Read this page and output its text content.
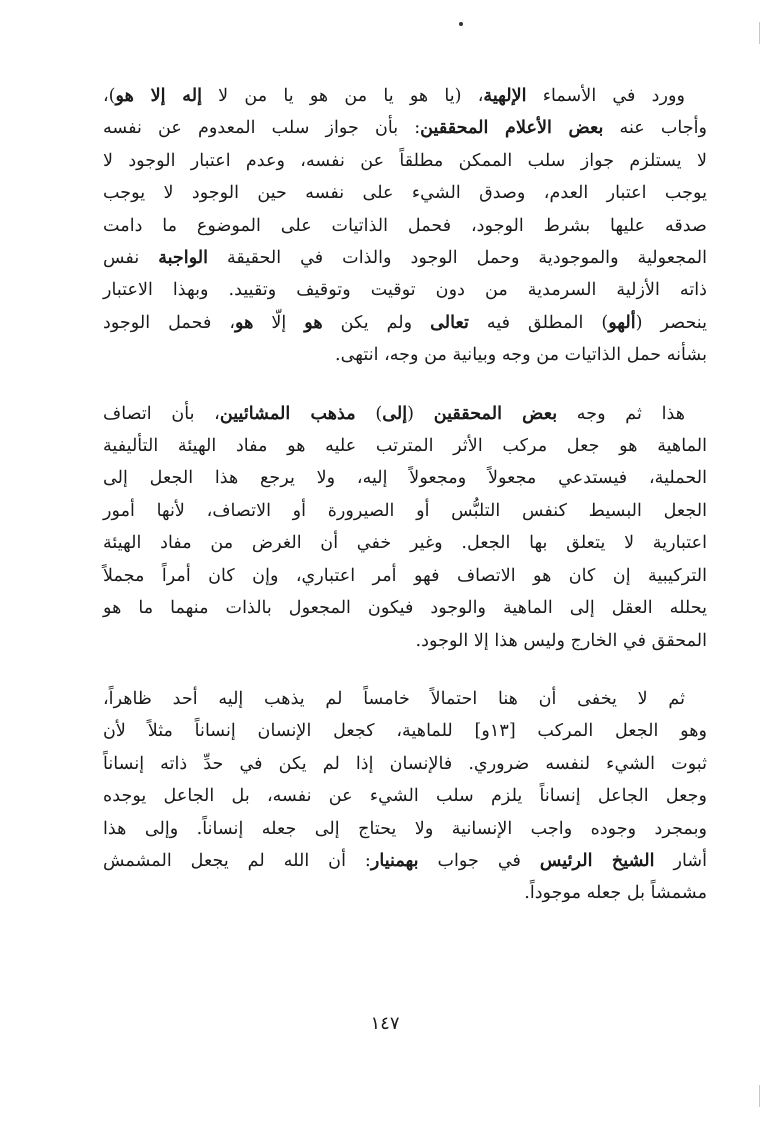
وورد في الأسماء الإلهية، (يا هو يا من هو يا من لا إله إلا هو)،
وأجاب عنه بعض الأعلام المحققين: بأن جواز سلب المعدوم عن نفسه
لا يستلزم جواز سلب الممكن مطلقاً عن نفسه، وعدم اعتبار الوجود لا
يوجب اعتبار العدم، وصدق الشيء على نفسه حين الوجود لا يوجب
صدقه عليها بشرط الوجود، فحمل الذاتيات على الموضوع ما دامت
المجعولية والموجودية وحمل الوجود والذات في الحقيقة الواجبة نفس
ذاته الأزلية السرمدية من دون توقيت وتوقيف وتقييد. وبهذا الاعتبار
ينحصر (ألهو) المطلق فيه تعالى ولم يكن هو إلّا هو، فحمل الوجود
بشأنه حمل الذاتيات من وجه وبيانية من وجه، انتهى.

هذا ثم وجه بعض المحققين (إلى) مذهب المشائيين، بأن اتصاف
الماهية هو جعل مركب الأثر المترتب عليه هو مفاد الهيئة التأليفية
الحملية، فيستدعي مجعولاً ومجعولاً إليه، ولا يرجع هذا الجعل إلى
الجعل البسيط كنفس التلبُّس أو الصيرورة أو الاتصاف، لأنها أمور
اعتبارية لا يتعلق بها الجعل. وغير خفي أن الغرض من مفاد الهيئة
التركيبية إن كان هو الاتصاف فهو أمر اعتباري، وإن كان أمراً مجملاً
يحلله العقل إلى الماهية والوجود فيكون المجعول بالذات منهما ما هو
المحقق في الخارج وليس هذا إلا الوجود.

ثم لا يخفى أن هنا احتمالاً خامساً لم يذهب إليه أحد ظاهراً،
وهو الجعل المركب [١٣و] للماهية، كجعل الإنسان إنساناً مثلاً لأن
ثبوت الشيء لنفسه ضروري. فالإنسان إذا لم يكن في حدِّ ذاته إنساناً
وجعل الجاعل إنساناً يلزم سلب الشيء عن نفسه، بل الجاعل يوجده
وبمجرد وجوده واجب الإنسانية ولا يحتاج إلى جعله إنساناً. وإلى هذا
أشار الشيخ الرئيس في جواب بهمنيار: أن الله لم يجعل المشمش
مشمشاً بل جعله موجوداً.

١٤٧
